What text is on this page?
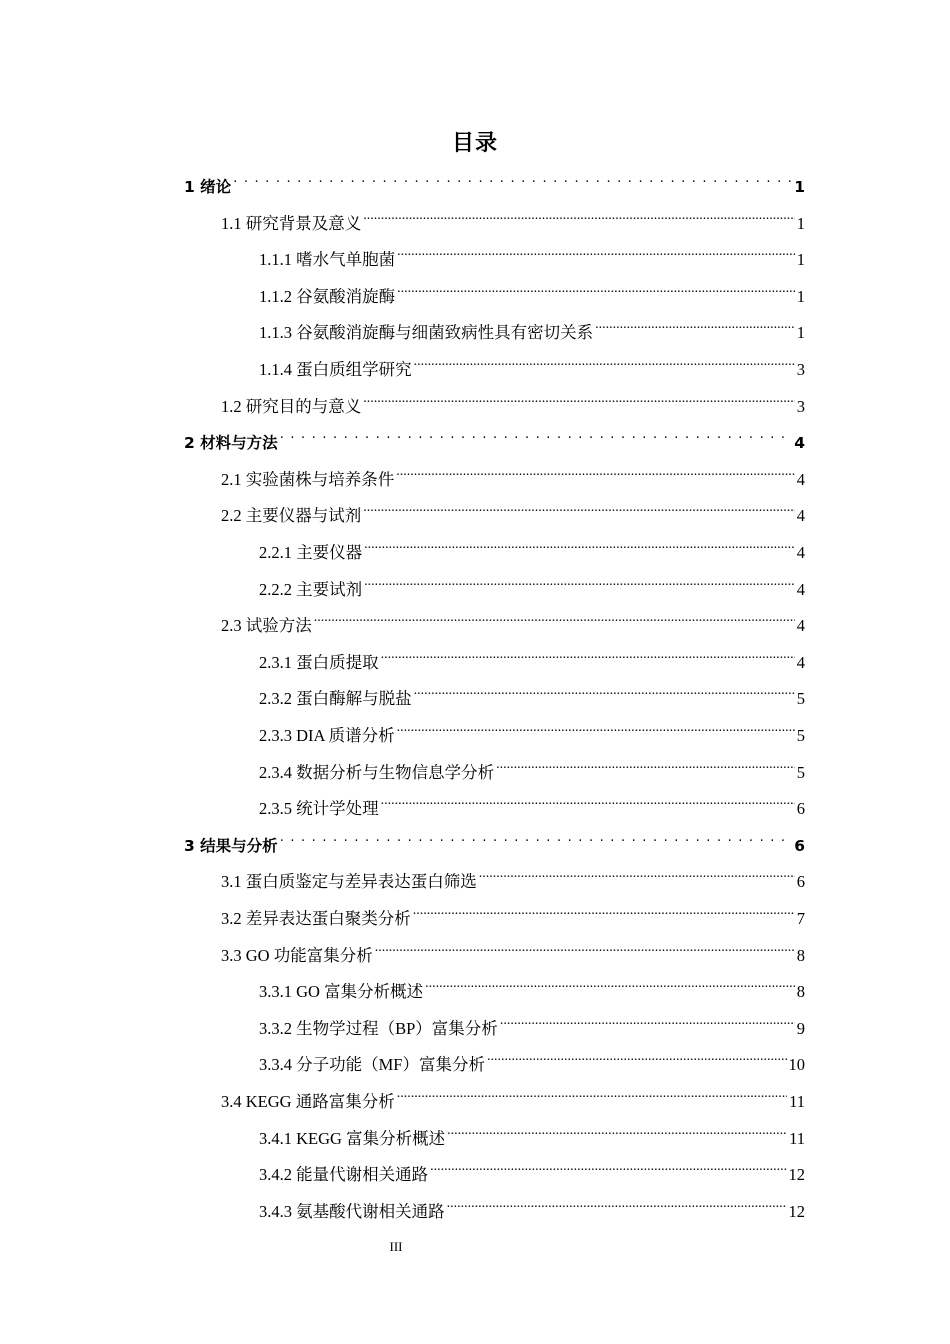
目录
1 绪论 . . .	1
1.1 研究背景及意义 .....	1
1.1.1 嗜水气单胞菌 .....	1
1.1.2 谷氨酸消旋酶 .....	1
1.1.3 谷氨酸消旋酶与细菌致病性具有密切关系 .....	1
1.1.4 蛋白质组学研究 .....	3
1.2 研究目的与意义 .....	3
2 材料与方法 . . .	4
2.1 实验菌株与培养条件 .....	4
2.2 主要仪器与试剂 .....	4
2.2.1 主要仪器 .....	4
2.2.2 主要试剂 .....	4
2.3 试验方法 .....	4
2.3.1 蛋白质提取 .....	4
2.3.2 蛋白酶解与脱盐 .....	5
2.3.3 DIA 质谱分析 .....	5
2.3.4 数据分析与生物信息学分析 .....	5
2.3.5 统计学处理 .....	6
3 结果与分析 . . .	6
3.1 蛋白质鉴定与差异表达蛋白筛选 .....	6
3.2 差异表达蛋白聚类分析 .....	7
3.3 GO 功能富集分析 .....	8
3.3.1 GO 富集分析概述 .....	8
3.3.2 生物学过程（BP）富集分析 .....	9
3.3.4 分子功能（MF）富集分析 .....	10
3.4 KEGG 通路富集分析 .....	11
3.4.1 KEGG 富集分析概述 .....	11
3.4.2 能量代谢相关通路 .....	12
3.4.3 氨基酸代谢相关通路 .....	12
III
